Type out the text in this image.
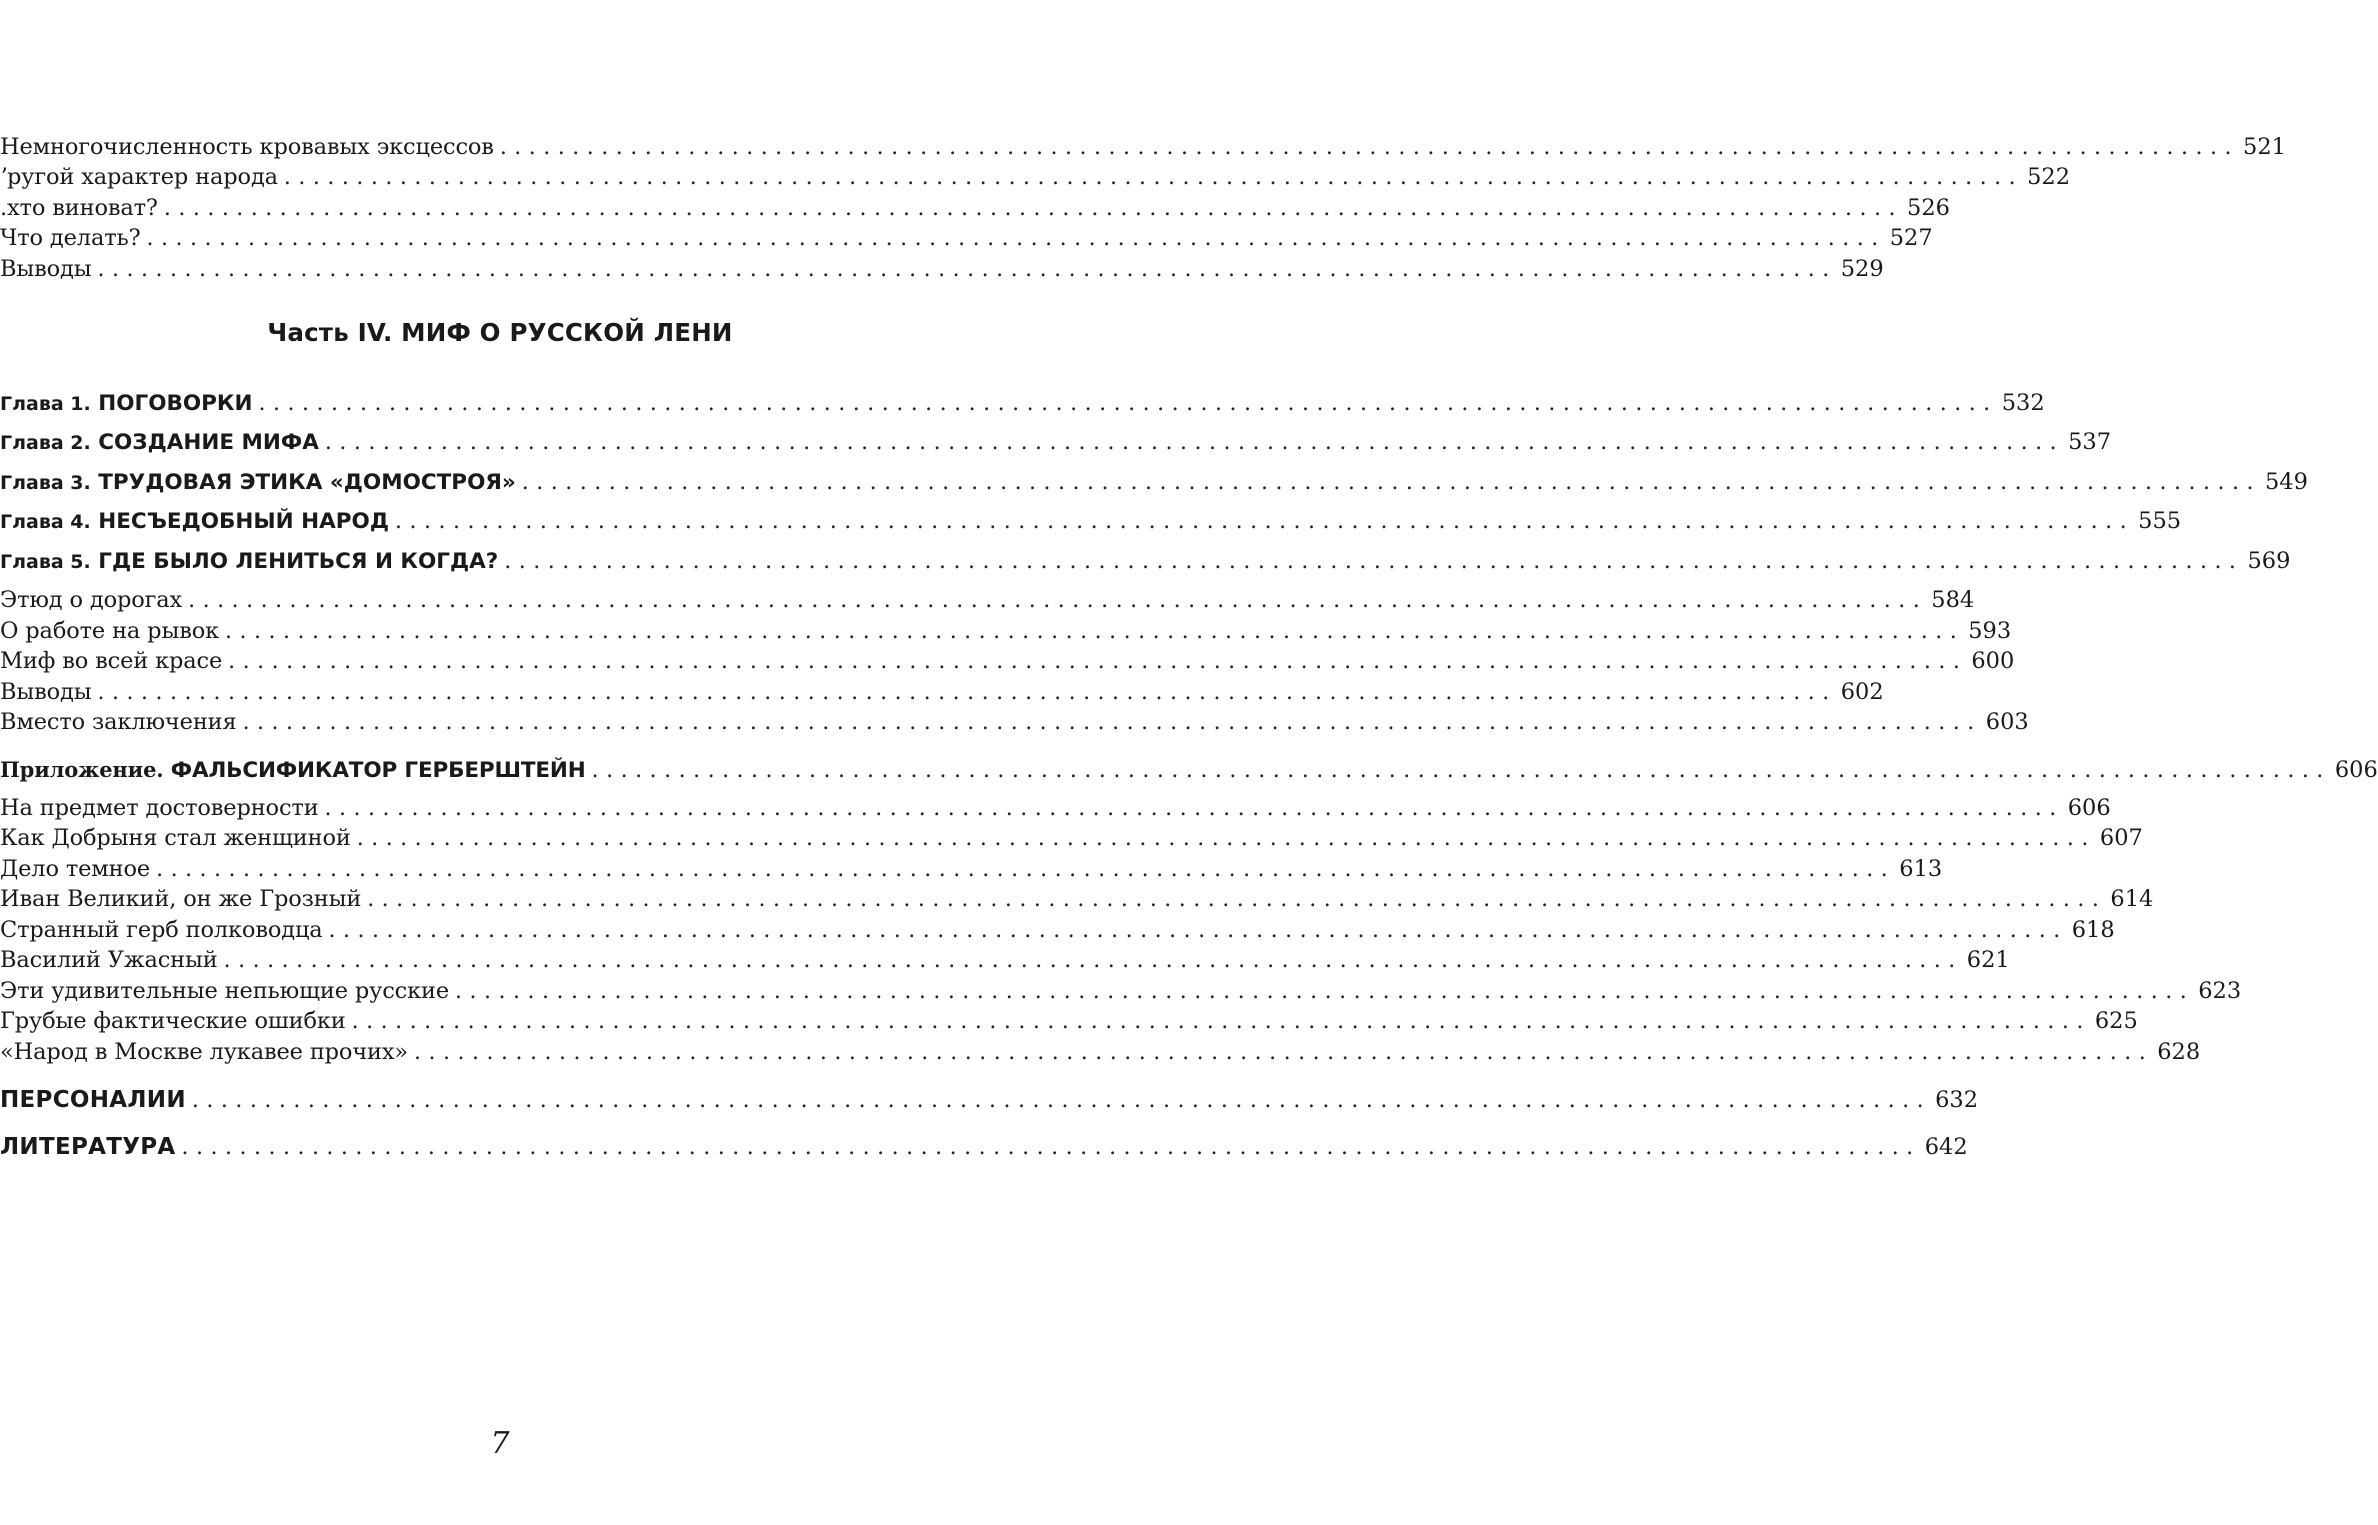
Немногочисленность кровавых эксцессов ........................................................................................................................ 521
ʼругой характер народа ........................................................................................................................ 522
.хто виноват? ........................................................................................................................ 526
Что делать? ........................................................................................................................ 527
Выводы ........................................................................................................................ 529
Часть IV. МИФ О РУССКОЙ ЛЕНИ
Глава 1. ПОГОВОРКИ ........................................................................................................................ 532
Глава 2. СОЗДАНИЕ МИФА ........................................................................................................................ 537
Глава 3. ТРУДОВАЯ ЭТИКА «ДОМОСТРОЯ» ........................................................................................................................ 549
Глава 4. НЕСЪЕДОБНЫЙ НАРОД ........................................................................................................................ 555
Глава 5. ГДЕ БЫЛО ЛЕНИТЬСЯ И КОГДА? ........................................................................................................................ 569
Этюд о дорогах ........................................................................................................................ 584
О работе на рывок ........................................................................................................................ 593
Миф во всей красе ........................................................................................................................ 600
Выводы ........................................................................................................................ 602
Вместо заключения ........................................................................................................................ 603
Приложение. ФАЛЬСИФИКАТОР ГЕРБЕРШТЕЙН ........................................................................................................................ 606
На предмет достоверности ........................................................................................................................ 606
Как Добрыня стал женщиной ........................................................................................................................ 607
Дело темное ........................................................................................................................ 613
Иван Великий, он же Грозный ........................................................................................................................ 614
Странный герб полководца ........................................................................................................................ 618
Василий Ужасный ........................................................................................................................ 621
Эти удивительные непьющие русские ........................................................................................................................ 623
Грубые фактические ошибки ........................................................................................................................ 625
«Народ в Москве лукавее прочих» ........................................................................................................................ 628
ПЕРСОНАЛИИ ........................................................................................................................ 632
ЛИТЕРАТУРА ........................................................................................................................ 642
7
